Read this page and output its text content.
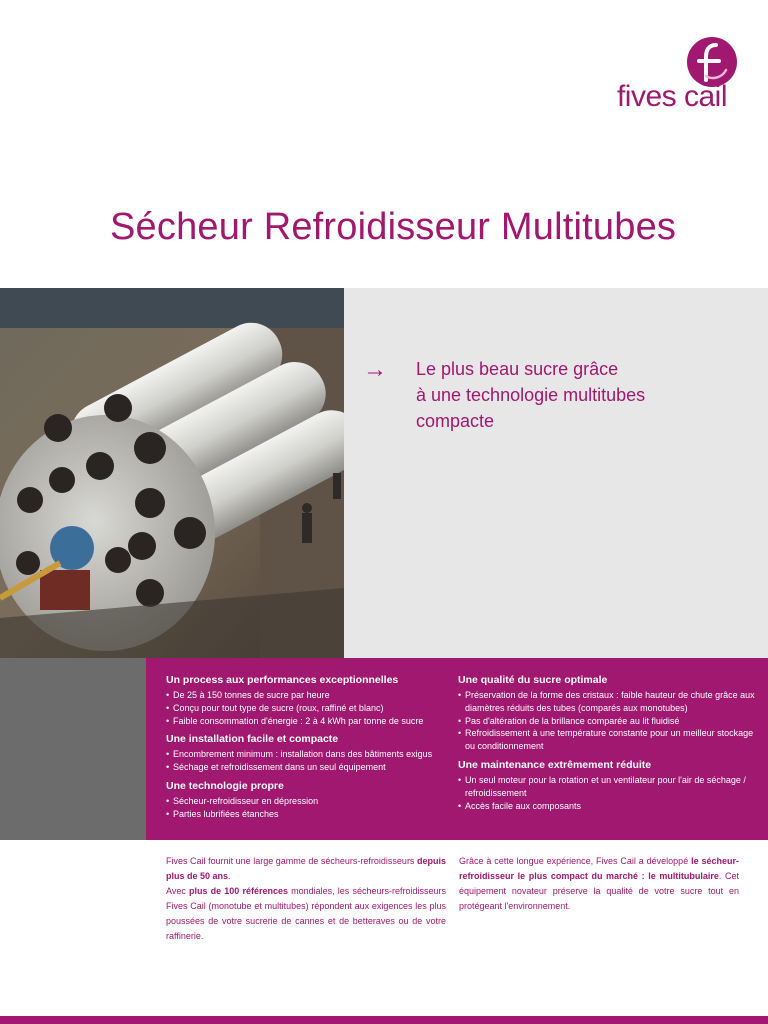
fives cail
Sécheur Refroidisseur Multitubes
→ Le plus beau sucre grâce
à une technologie multitubes
compacte
Un process aux performances exceptionnelles
• De 25 à 150 tonnes de sucre par heure
• Conçu pour tout type de sucre (roux, raffiné et blanc)
• Faible consommation d'énergie : 2 à 4 kWh par tonne de sucre
Une installation facile et compacte
• Encombrement minimum : installation dans des bâtiments exigus
• Séchage et refroidissement dans un seul équipement
Une technologie propre
• Sécheur-refroidisseur en dépression
• Parties lubrifiées étanches
Une qualité du sucre optimale
• Préservation de la forme des cristaux : faible hauteur de chute grâce aux diamètres réduits des tubes (comparés aux monotubes)
• Pas d'altération de la brillance comparée au lit fluidisé
• Refroidissement à une température constante pour un meilleur stockage ou conditionnement
Une maintenance extrêmement réduite
• Un seul moteur pour la rotation et un ventilateur pour l'air de séchage / refroidissement
• Accès facile aux composants
Fives Cail fournit une large gamme de sécheurs-refroidisseurs depuis plus de 50 ans.
Avec plus de 100 références mondiales, les sécheurs-refroidisseurs Fives Cail (monotube et multitubes) répondent aux exigences les plus poussées de votre sucrerie de cannes et de betteraves ou de votre raffinerie.
Grâce à cette longue expérience, Fives Cail a développé le sécheur-refroidisseur le plus compact du marché : le multitubulaire. Cet équipement novateur préserve la qualité de votre sucre tout en protégeant l'environnement.
